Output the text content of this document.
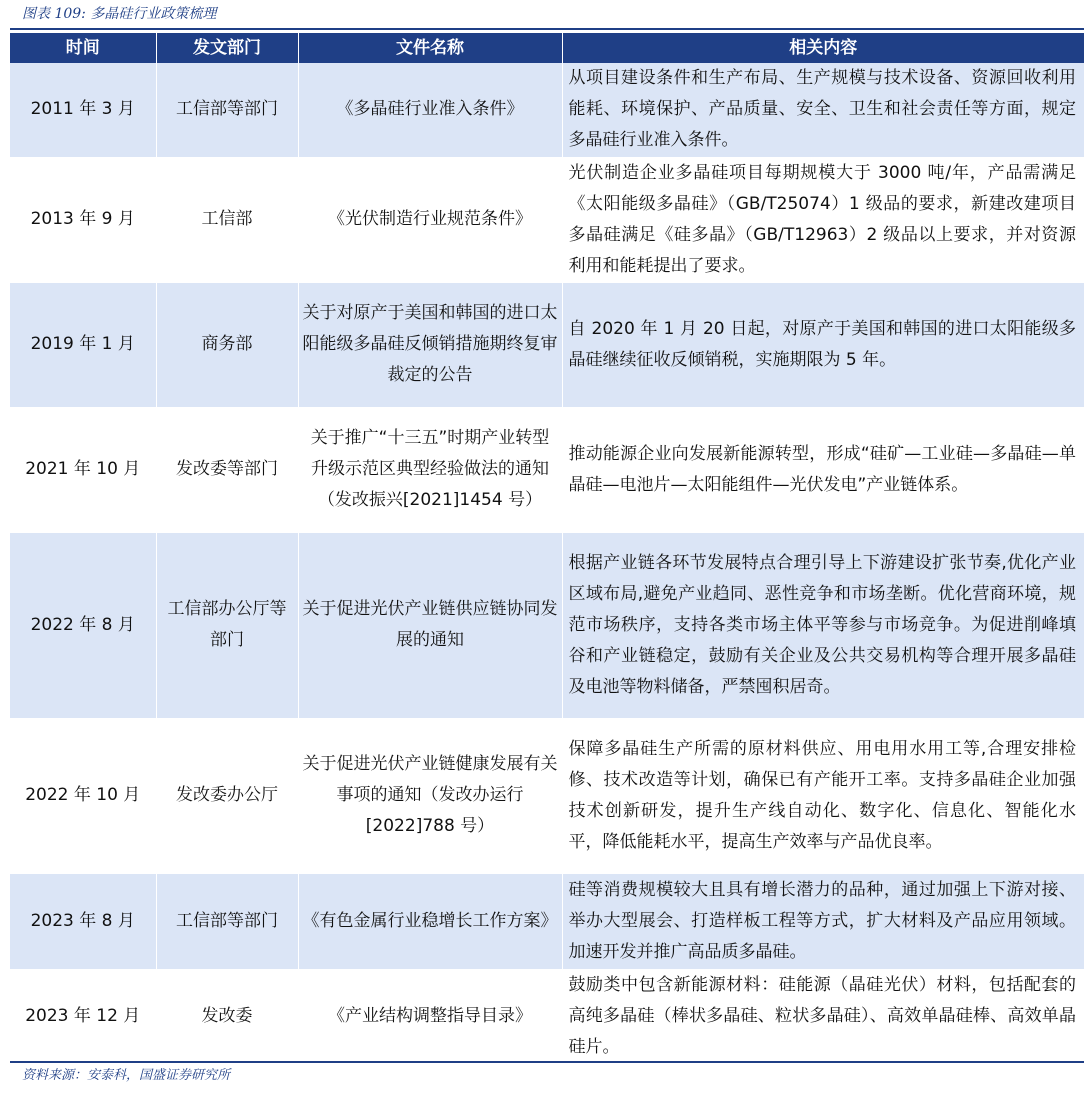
图表 109: 多晶硅行业政策梳理
时间	发文部门	文件名称	相关内容
2011 年 3 月	工信部等部门	《多晶硅行业准入条件》	从项目建设条件和生产布局、生产规模与技术设备、资源回收利用能耗、环境保护、产品质量、安全、卫生和社会责任等方面，规定多晶硅行业准入条件。
2013 年 9 月	工信部	《光伏制造行业规范条件》	光伏制造企业多晶硅项目每期规模大于 3000 吨/年，产品需满足《太阳能级多晶硅》（GB/T25074）1 级品的要求，新建改建项目多晶硅满足《硅多晶》（GB/T12963）2 级品以上要求，并对资源利用和能耗提出了要求。
2019 年 1 月	商务部	关于对原产于美国和韩国的进口太阳能级多晶硅反倾销措施期终复审裁定的公告	自 2020 年 1 月 20 日起，对原产于美国和韩国的进口太阳能级多晶硅继续征收反倾销税，实施期限为 5 年。
2021 年 10 月	发改委等部门	关于推广“十三五”时期产业转型升级示范区典型经验做法的通知（发改振兴[2021]1454 号）	推动能源企业向发展新能源转型，形成“硅矿—工业硅—多晶硅—单晶硅—电池片—太阳能组件—光伏发电”产业链体系。
2022 年 8 月	工信部办公厅等部门	关于促进光伏产业链供应链协同发展的通知	根据产业链各环节发展特点合理引导上下游建设扩张节奏,优化产业区域布局,避免产业趋同、恶性竞争和市场垄断。优化营商环境，规范市场秩序，支持各类市场主体平等参与市场竞争。为促进削峰填谷和产业链稳定，鼓励有关企业及公共交易机构等合理开展多晶硅及电池等物料储备，严禁囤积居奇。
2022 年 10 月	发改委办公厅	关于促进光伏产业链健康发展有关事项的通知（发改办运行[2022]788 号）	保障多晶硅生产所需的原材料供应、用电用水用工等,合理安排检修、技术改造等计划，确保已有产能开工率。支持多晶硅企业加强技术创新研发，提升生产线自动化、数字化、信息化、智能化水平，降低能耗水平，提高生产效率与产品优良率。
2023 年 8 月	工信部等部门	《有色金属行业稳增长工作方案》	硅等消费规模较大且具有增长潜力的品种，通过加强上下游对接、举办大型展会、打造样板工程等方式，扩大材料及产品应用领域。加速开发并推广高品质多晶硅。
2023 年 12 月	发改委	《产业结构调整指导目录》	鼓励类中包含新能源材料：硅能源（晶硅光伏）材料，包括配套的高纯多晶硅（棒状多晶硅、粒状多晶硅）、高效单晶硅棒、高效单晶硅片。
资料来源：安泰科，国盛证券研究所
